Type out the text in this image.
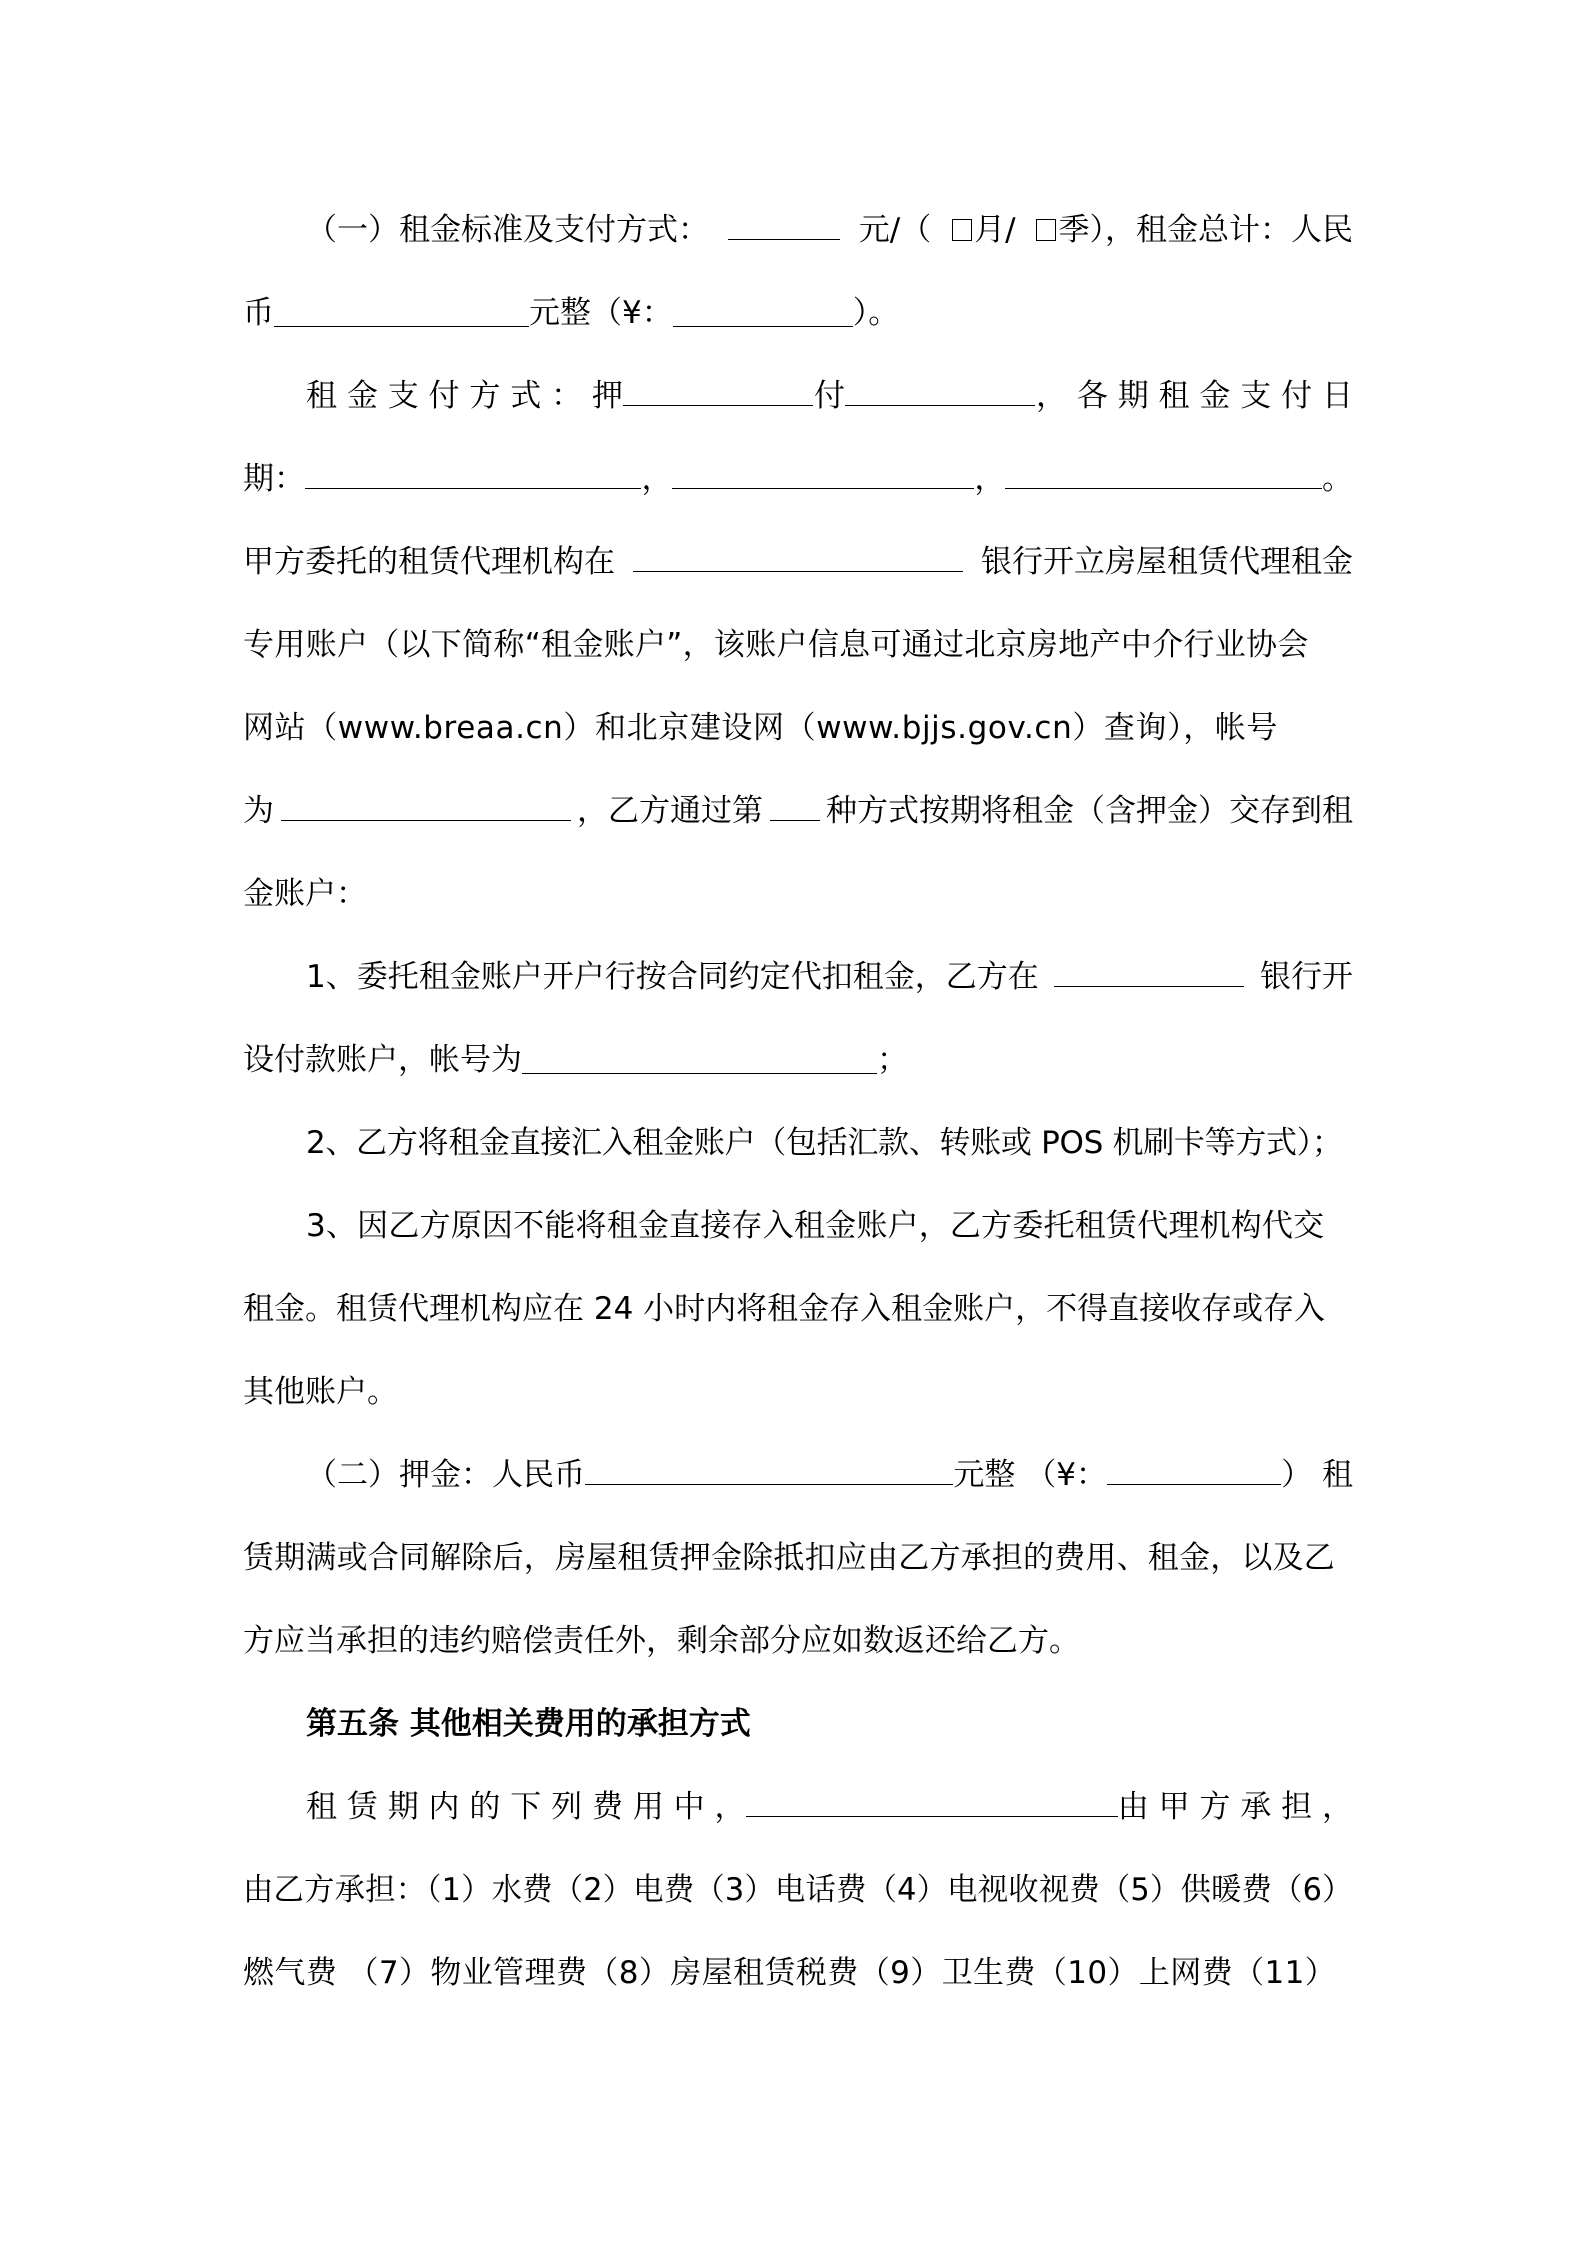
（一）租金标准及支付方式：	元/（	月/	季），租金总计：人民
币	元整（¥：	）。
租 金 支 付 方 式 ： 押	付	， 各 期 租 金 支 付 日
期：	，	，	。
甲方委托的租赁代理机构在	银行开立房屋租赁代理租金
专用账户（以下简称“租金账户”，该账户信息可通过北京房地产中介行业协会
网站（www.breaa.cn）和北京建设网（www.bjjs.gov.cn）查询），帐号
为	，乙方通过第 种方式按期将租金（含押金）交存到租
金账户：
1、委托租金账户开户行按合同约定代扣租金，乙方在	银行开
设付款账户，帐号为	；
2、乙方将租金直接汇入租金账户（包括汇款、转账或 POS 机刷卡等方式）；
3、因乙方原因不能将租金直接存入租金账户，乙方委托租赁代理机构代交
租金。租赁代理机构应在 24 小时内将租金存入租金账户，不得直接收存或存入
其他账户。
（二）押金：人民币	元整 （¥：	） 租
赁期满或合同解除后，房屋租赁押金除抵扣应由乙方承担的费用、租金，以及乙
方应当承担的违约赔偿责任外，剩余部分应如数返还给乙方。
第五条 其他相关费用的承担方式
租 赁 期 内 的 下 列 费 用 中 ，	由 甲 方 承 担 ，
由乙方承担：（1）水费（2）电费（3）电话费（4）电视收视费（5）供暖费（6）
燃气费 （7）物业管理费（8）房屋租赁税费（9）卫生费（10）上网费（11）
